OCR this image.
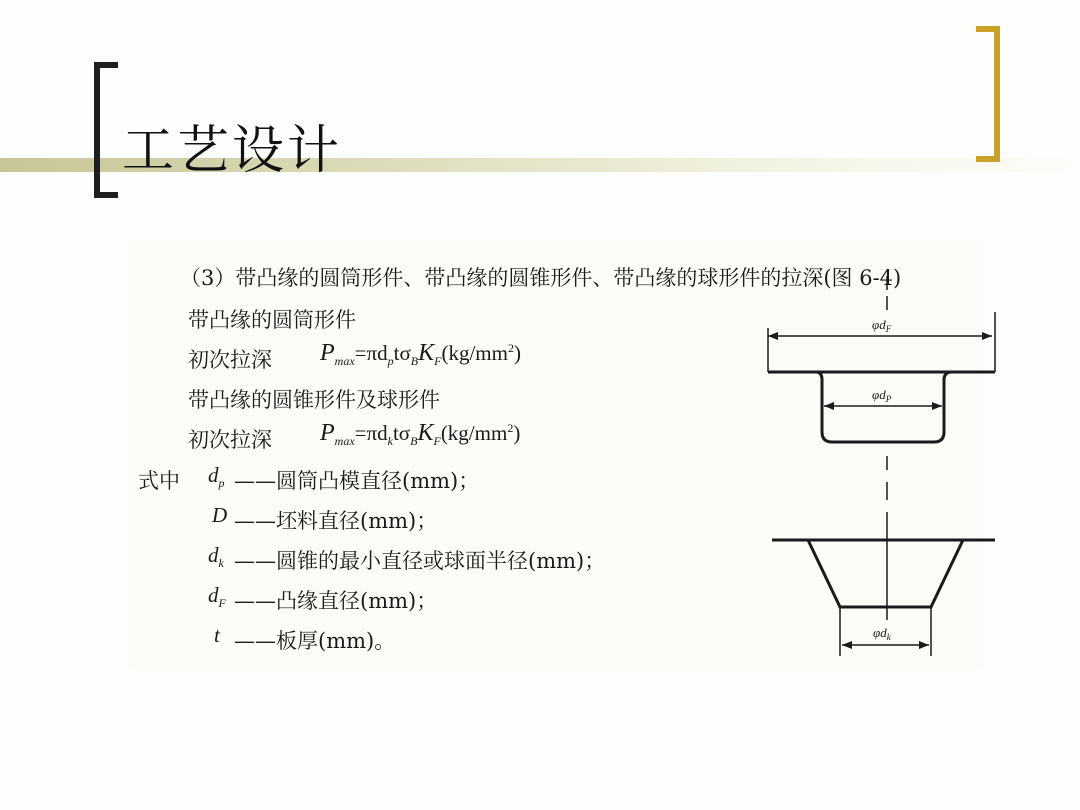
工艺设计
（3）带凸缘的圆筒形件、带凸缘的圆锥形件、带凸缘的球形件的拉深(图 6-4)
带凸缘的圆筒形件
初次拉深 $P_{max}=\pi d_pt\sigma_BK_F(kg/mm^2)$
带凸缘的圆锥形件及球形件
初次拉深 $P_{max}=\pi d_kt\sigma_BK_F(kg/mm^2)$
式中 $d_p$ ——圆筒凸模直径(mm)；
D ——坯料直径(mm)；
$d_k$ ——圆锥的最小直径或球面半径(mm)；
$d_F$ ——凸缘直径(mm)；
t ——板厚(mm)。
$\varphi d_F$
$\varphi d_P$
$\varphi d_k$
